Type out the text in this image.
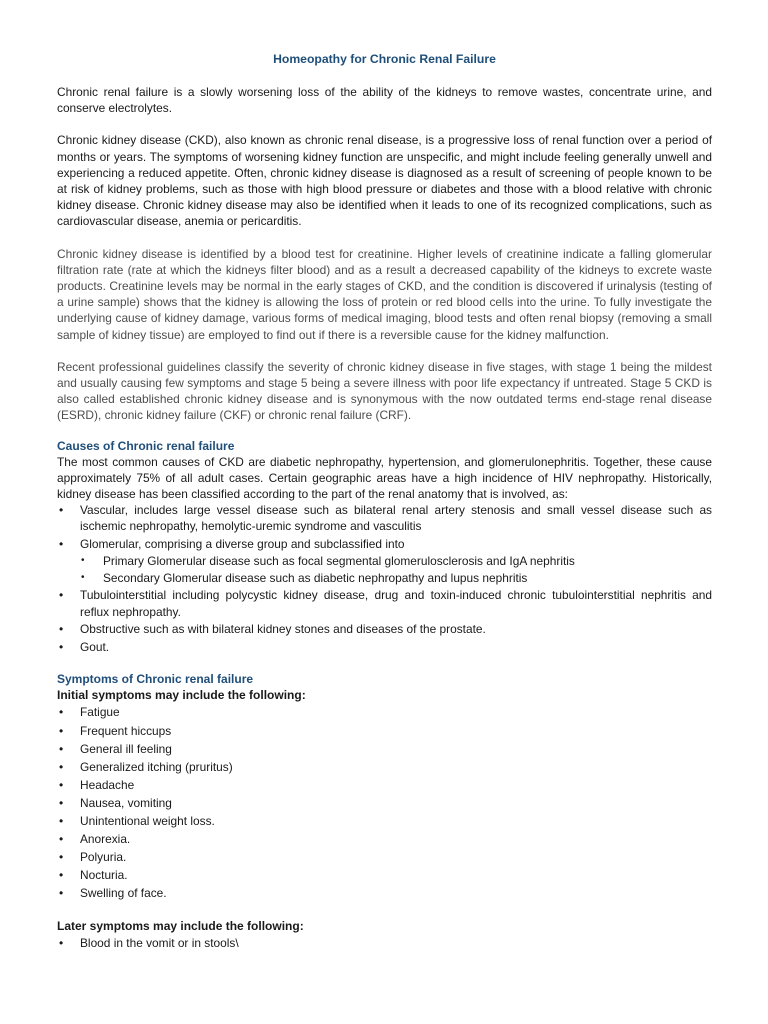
Homeopathy for Chronic Renal Failure

Chronic renal failure is a slowly worsening loss of the ability of the kidneys to remove wastes, concentrate urine, and conserve electrolytes.

Chronic kidney disease (CKD), also known as chronic renal disease, is a progressive loss of renal function over a period of months or years. The symptoms of worsening kidney function are unspecific, and might include feeling generally unwell and experiencing a reduced appetite. Often, chronic kidney disease is diagnosed as a result of screening of people known to be at risk of kidney problems, such as those with high blood pressure or diabetes and those with a blood relative with chronic kidney disease. Chronic kidney disease may also be identified when it leads to one of its recognized complications, such as cardiovascular disease, anemia or pericarditis.

Chronic kidney disease is identified by a blood test for creatinine. Higher levels of creatinine indicate a falling glomerular filtration rate (rate at which the kidneys filter blood) and as a result a decreased capability of the kidneys to excrete waste products. Creatinine levels may be normal in the early stages of CKD, and the condition is discovered if urinalysis (testing of a urine sample) shows that the kidney is allowing the loss of protein or red blood cells into the urine. To fully investigate the underlying cause of kidney damage, various forms of medical imaging, blood tests and often renal biopsy (removing a small sample of kidney tissue) are employed to find out if there is a reversible cause for the kidney malfunction.

Recent professional guidelines classify the severity of chronic kidney disease in five stages, with stage 1 being the mildest and usually causing few symptoms and stage 5 being a severe illness with poor life expectancy if untreated. Stage 5 CKD is also called established chronic kidney disease and is synonymous with the now outdated terms end-stage renal disease (ESRD), chronic kidney failure (CKF) or chronic renal failure (CRF).

Causes of Chronic renal failure

The most common causes of CKD are diabetic nephropathy, hypertension, and glomerulonephritis. Together, these cause approximately 75% of all adult cases. Certain geographic areas have a high incidence of HIV nephropathy. Historically, kidney disease has been classified according to the part of the renal anatomy that is involved, as:

• Vascular, includes large vessel disease such as bilateral renal artery stenosis and small vessel disease such as ischemic nephropathy, hemolytic-uremic syndrome and vasculitis
• Glomerular, comprising a diverse group and subclassified into
• Primary Glomerular disease such as focal segmental glomerulosclerosis and IgA nephritis
• Secondary Glomerular disease such as diabetic nephropathy and lupus nephritis
• Tubulointerstitial including polycystic kidney disease, drug and toxin-induced chronic tubulointerstitial nephritis and reflux nephropathy.
• Obstructive such as with bilateral kidney stones and diseases of the prostate.
• Gout.
Symptoms of Chronic renal failure
Initial symptoms may include the following:
• Fatigue
• Frequent hiccups
• General ill feeling
• Generalized itching (pruritus)
• Headache
• Nausea, vomiting
• Unintentional weight loss.
• Anorexia.
• Polyuria.
• Nocturia.
• Swelling of face.
Later symptoms may include the following:
• Blood in the vomit or in stools\
